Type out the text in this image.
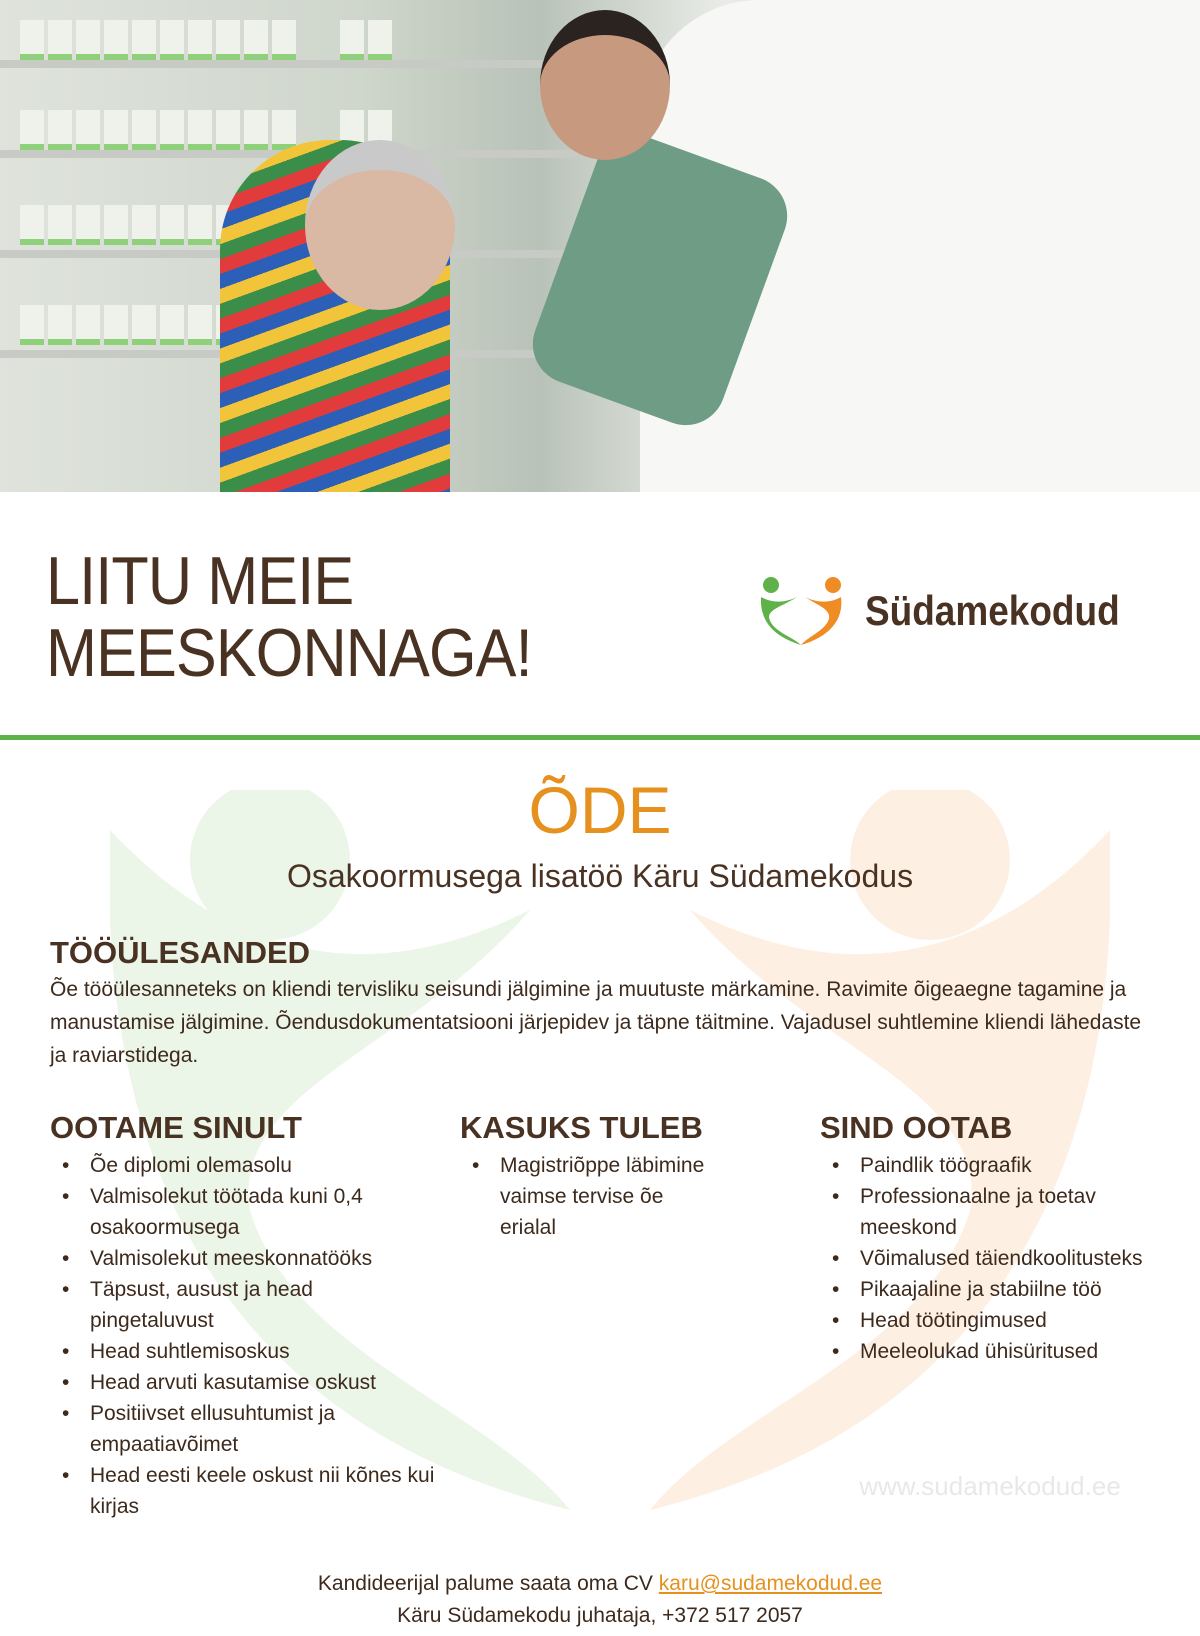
LIITU MEIE
MEESKONNAGA!
Südamekodud
ÕDE
Osakoormusega lisatöö Käru Südamekodus
TÖÖÜLESANDED

Õe tööülesanneteks on kliendi tervisliku seisundi jälgimine ja muutuste märkamine. Ravimite õigeaegne tagamine ja manustamise jälgimine. Õendusdokumentatsiooni järjepidev ja täpne täitmine. Vajadusel suhtlemine kliendi lähedaste ja raviarstidega.

OOTAME SINULT
• Õe diplomi olemasolu
• Valmisolekut töötada kuni 0,4 osakoormusega
• Valmisolekut meeskonnatööks
• Täpsust, ausust ja head pingetaluvust
• Head suhtlemisoskus
• Head arvuti kasutamise oskust
• Positiivset ellusuhtumist ja empaatiavõimet
• Head eesti keele oskust nii kõnes kui kirjas
KASUKS TULEB
• Magistriõppe läbimine vaimse tervise õe erialal
SIND OOTAB
• Paindlik töögraafik
• Professionaalne ja toetav meeskond
• Võimalused täiendkoolitusteks
• Pikaajaline ja stabiilne töö
• Head töötingimused
• Meeleolukad ühisüritused
www.sudamekodud.ee
Kandideerijal palume saata oma CV karu@sudamekodud.ee
Käru Südamekodu juhataja, +372 517 2057
